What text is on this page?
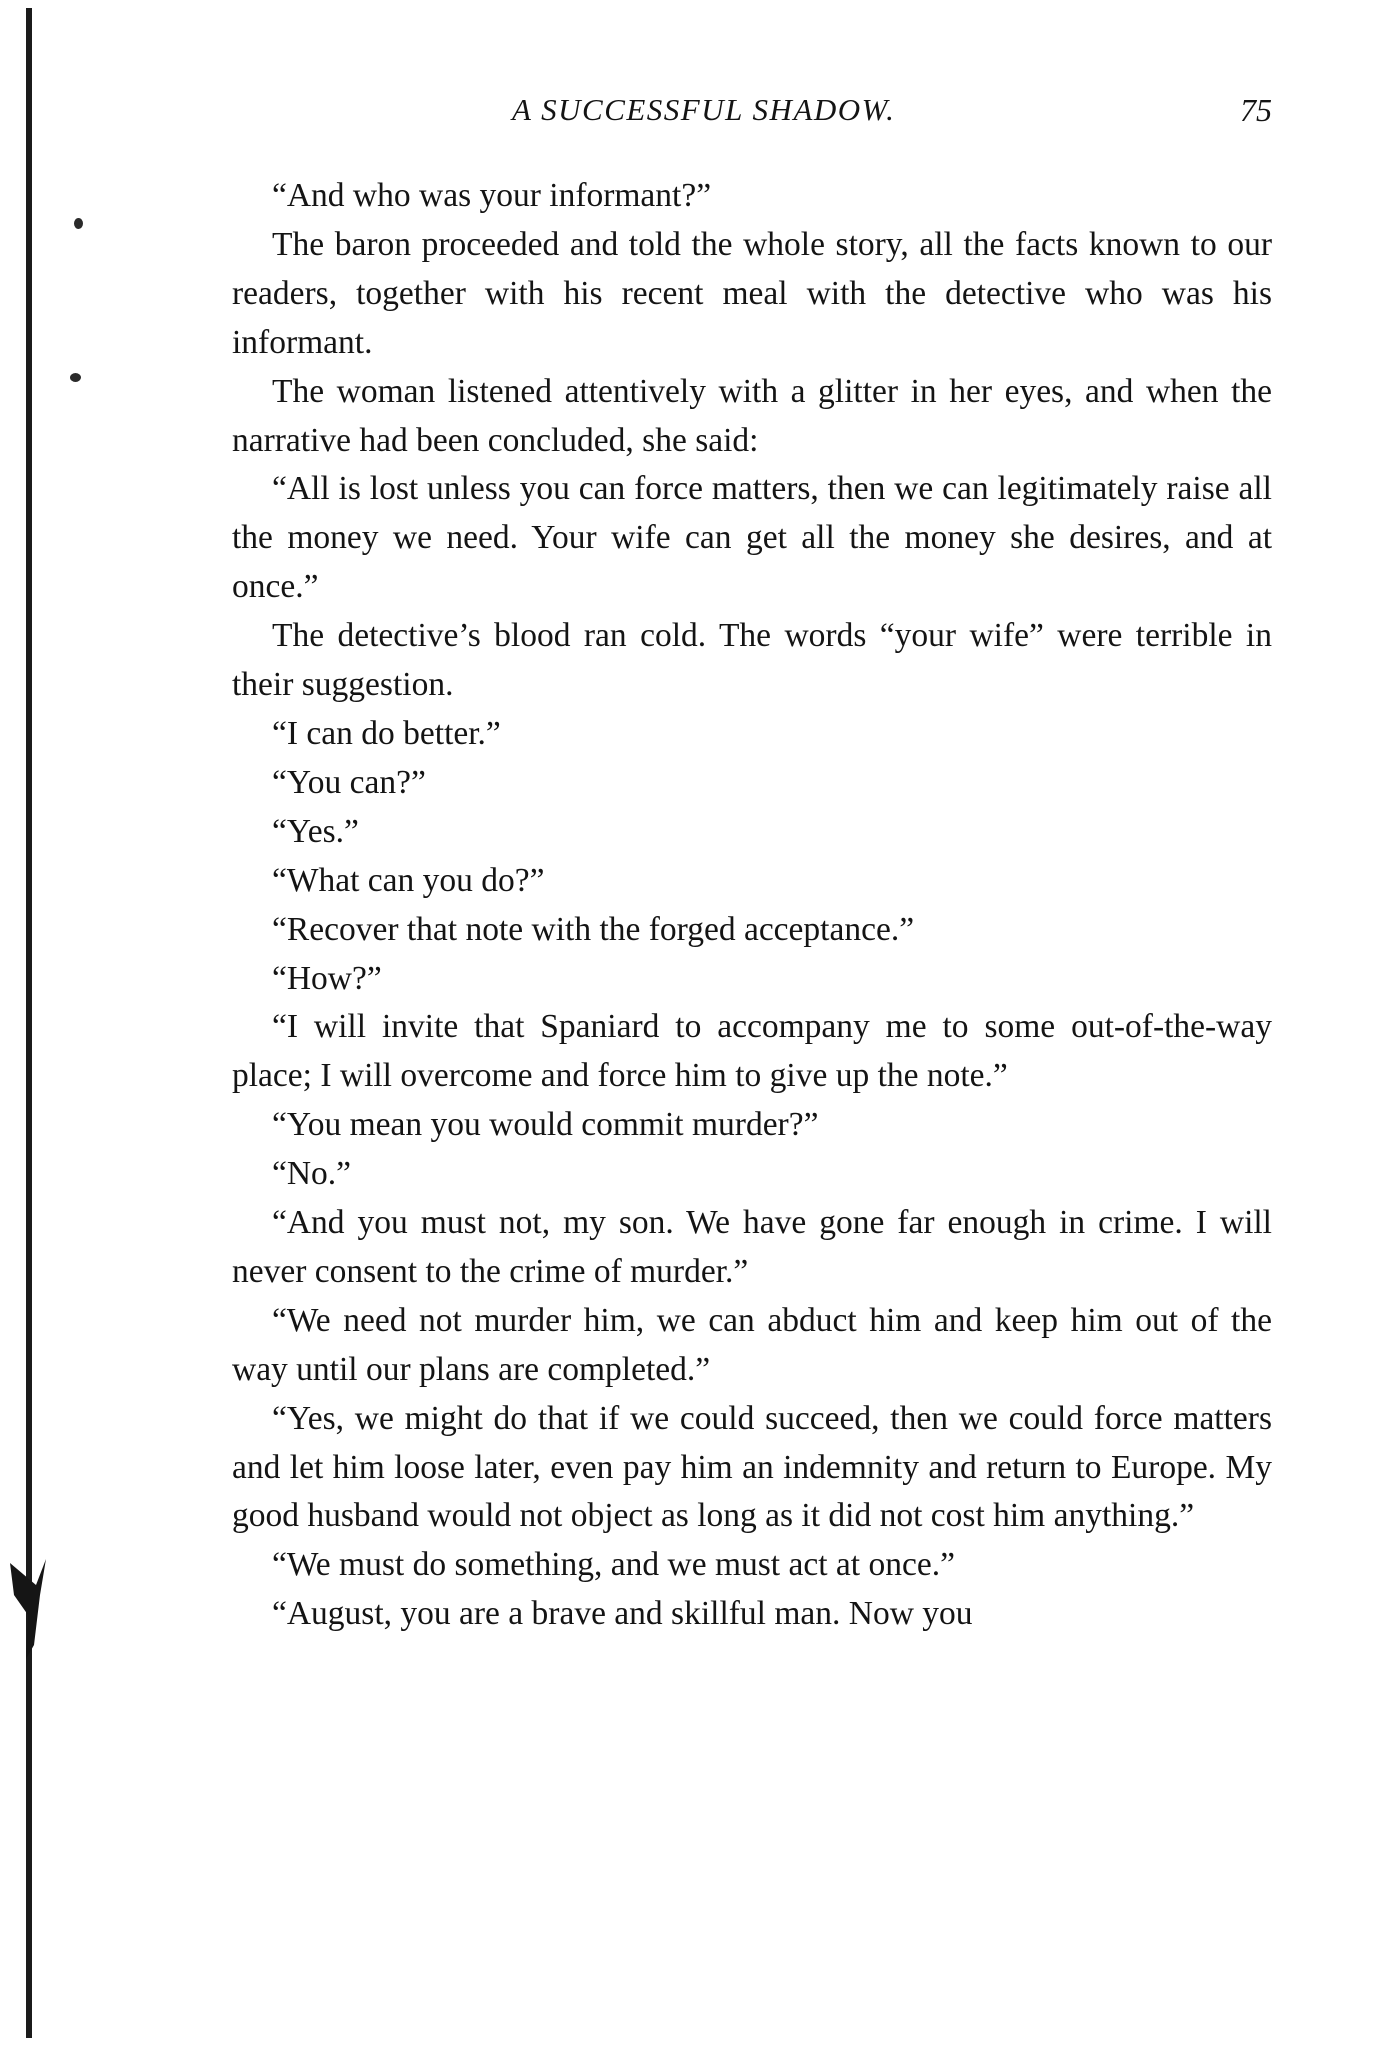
A SUCCESSFUL SHADOW.	75

“And who was your informant?”

The baron proceeded and told the whole story, all the facts known to our readers, together with his recent meal with the detective who was his informant.

The woman listened attentively with a glitter in her eyes, and when the narrative had been concluded, she said:

“All is lost unless you can force matters, then we can legitimately raise all the money we need. Your wife can get all the money she desires, and at once.”

The detective’s blood ran cold. The words “your wife” were terrible in their suggestion.

“I can do better.”

“You can?”

“Yes.”

“What can you do?”

“Recover that note with the forged acceptance.”

“How?”

“I will invite that Spaniard to accompany me to some out-of-the-way place; I will overcome and force him to give up the note.”

“You mean you would commit murder?”

“No.”

“And you must not, my son. We have gone far enough in crime. I will never consent to the crime of murder.”

“We need not murder him, we can abduct him and keep him out of the way until our plans are completed.”

“Yes, we might do that if we could succeed, then we could force matters and let him loose later, even pay him an indemnity and return to Europe. My good husband would not object as long as it did not cost him anything.”

“We must do something, and we must act at once.”

“August, you are a brave and skillful man. Now you
